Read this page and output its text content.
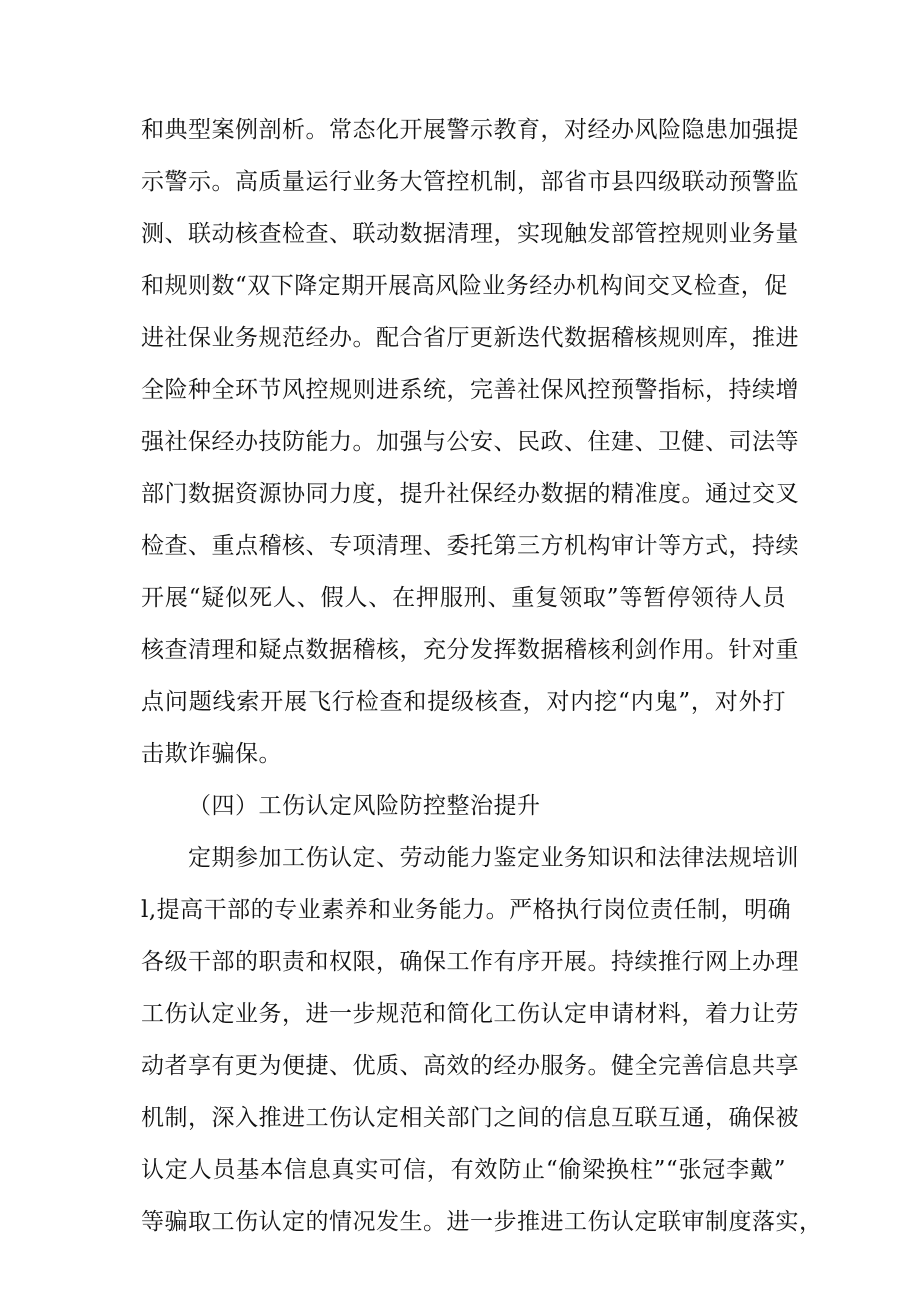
和典型案例剖析。常态化开展警示教育，对经办风险隐患加强提
示警示。高质量运行业务大管控机制，部省市县四级联动预警监
测、联动核查检查、联动数据清理，实现触发部管控规则业务量
和规则数“双下降定期开展高风险业务经办机构间交叉检查，促
进社保业务规范经办。配合省厅更新迭代数据稽核规则库，推进
全险种全环节风控规则进系统，完善社保风控预警指标，持续增
强社保经办技防能力。加强与公安、民政、住建、卫健、司法等
部门数据资源协同力度，提升社保经办数据的精准度。通过交叉
检查、重点稽核、专项清理、委托第三方机构审计等方式，持续
开展“疑似死人、假人、在押服刑、重复领取”等暂停领待人员
核查清理和疑点数据稽核，充分发挥数据稽核利剑作用。针对重
点问题线索开展飞行检查和提级核查，对内挖“内鬼”，对外打
击欺诈骗保。
（四）工伤认定风险防控整治提升
定期参加工伤认定、劳动能力鉴定业务知识和法律法规培训
l,提高干部的专业素养和业务能力。严格执行岗位责任制，明确
各级干部的职责和权限，确保工作有序开展。持续推行网上办理
工伤认定业务，进一步规范和简化工伤认定申请材料，着力让劳
动者享有更为便捷、优质、高效的经办服务。健全完善信息共享
机制，深入推进工伤认定相关部门之间的信息互联互通，确保被
认定人员基本信息真实可信，有效防止“偷梁换柱”“张冠李戴”
等骗取工伤认定的情况发生。进一步推进工伤认定联审制度落实，
